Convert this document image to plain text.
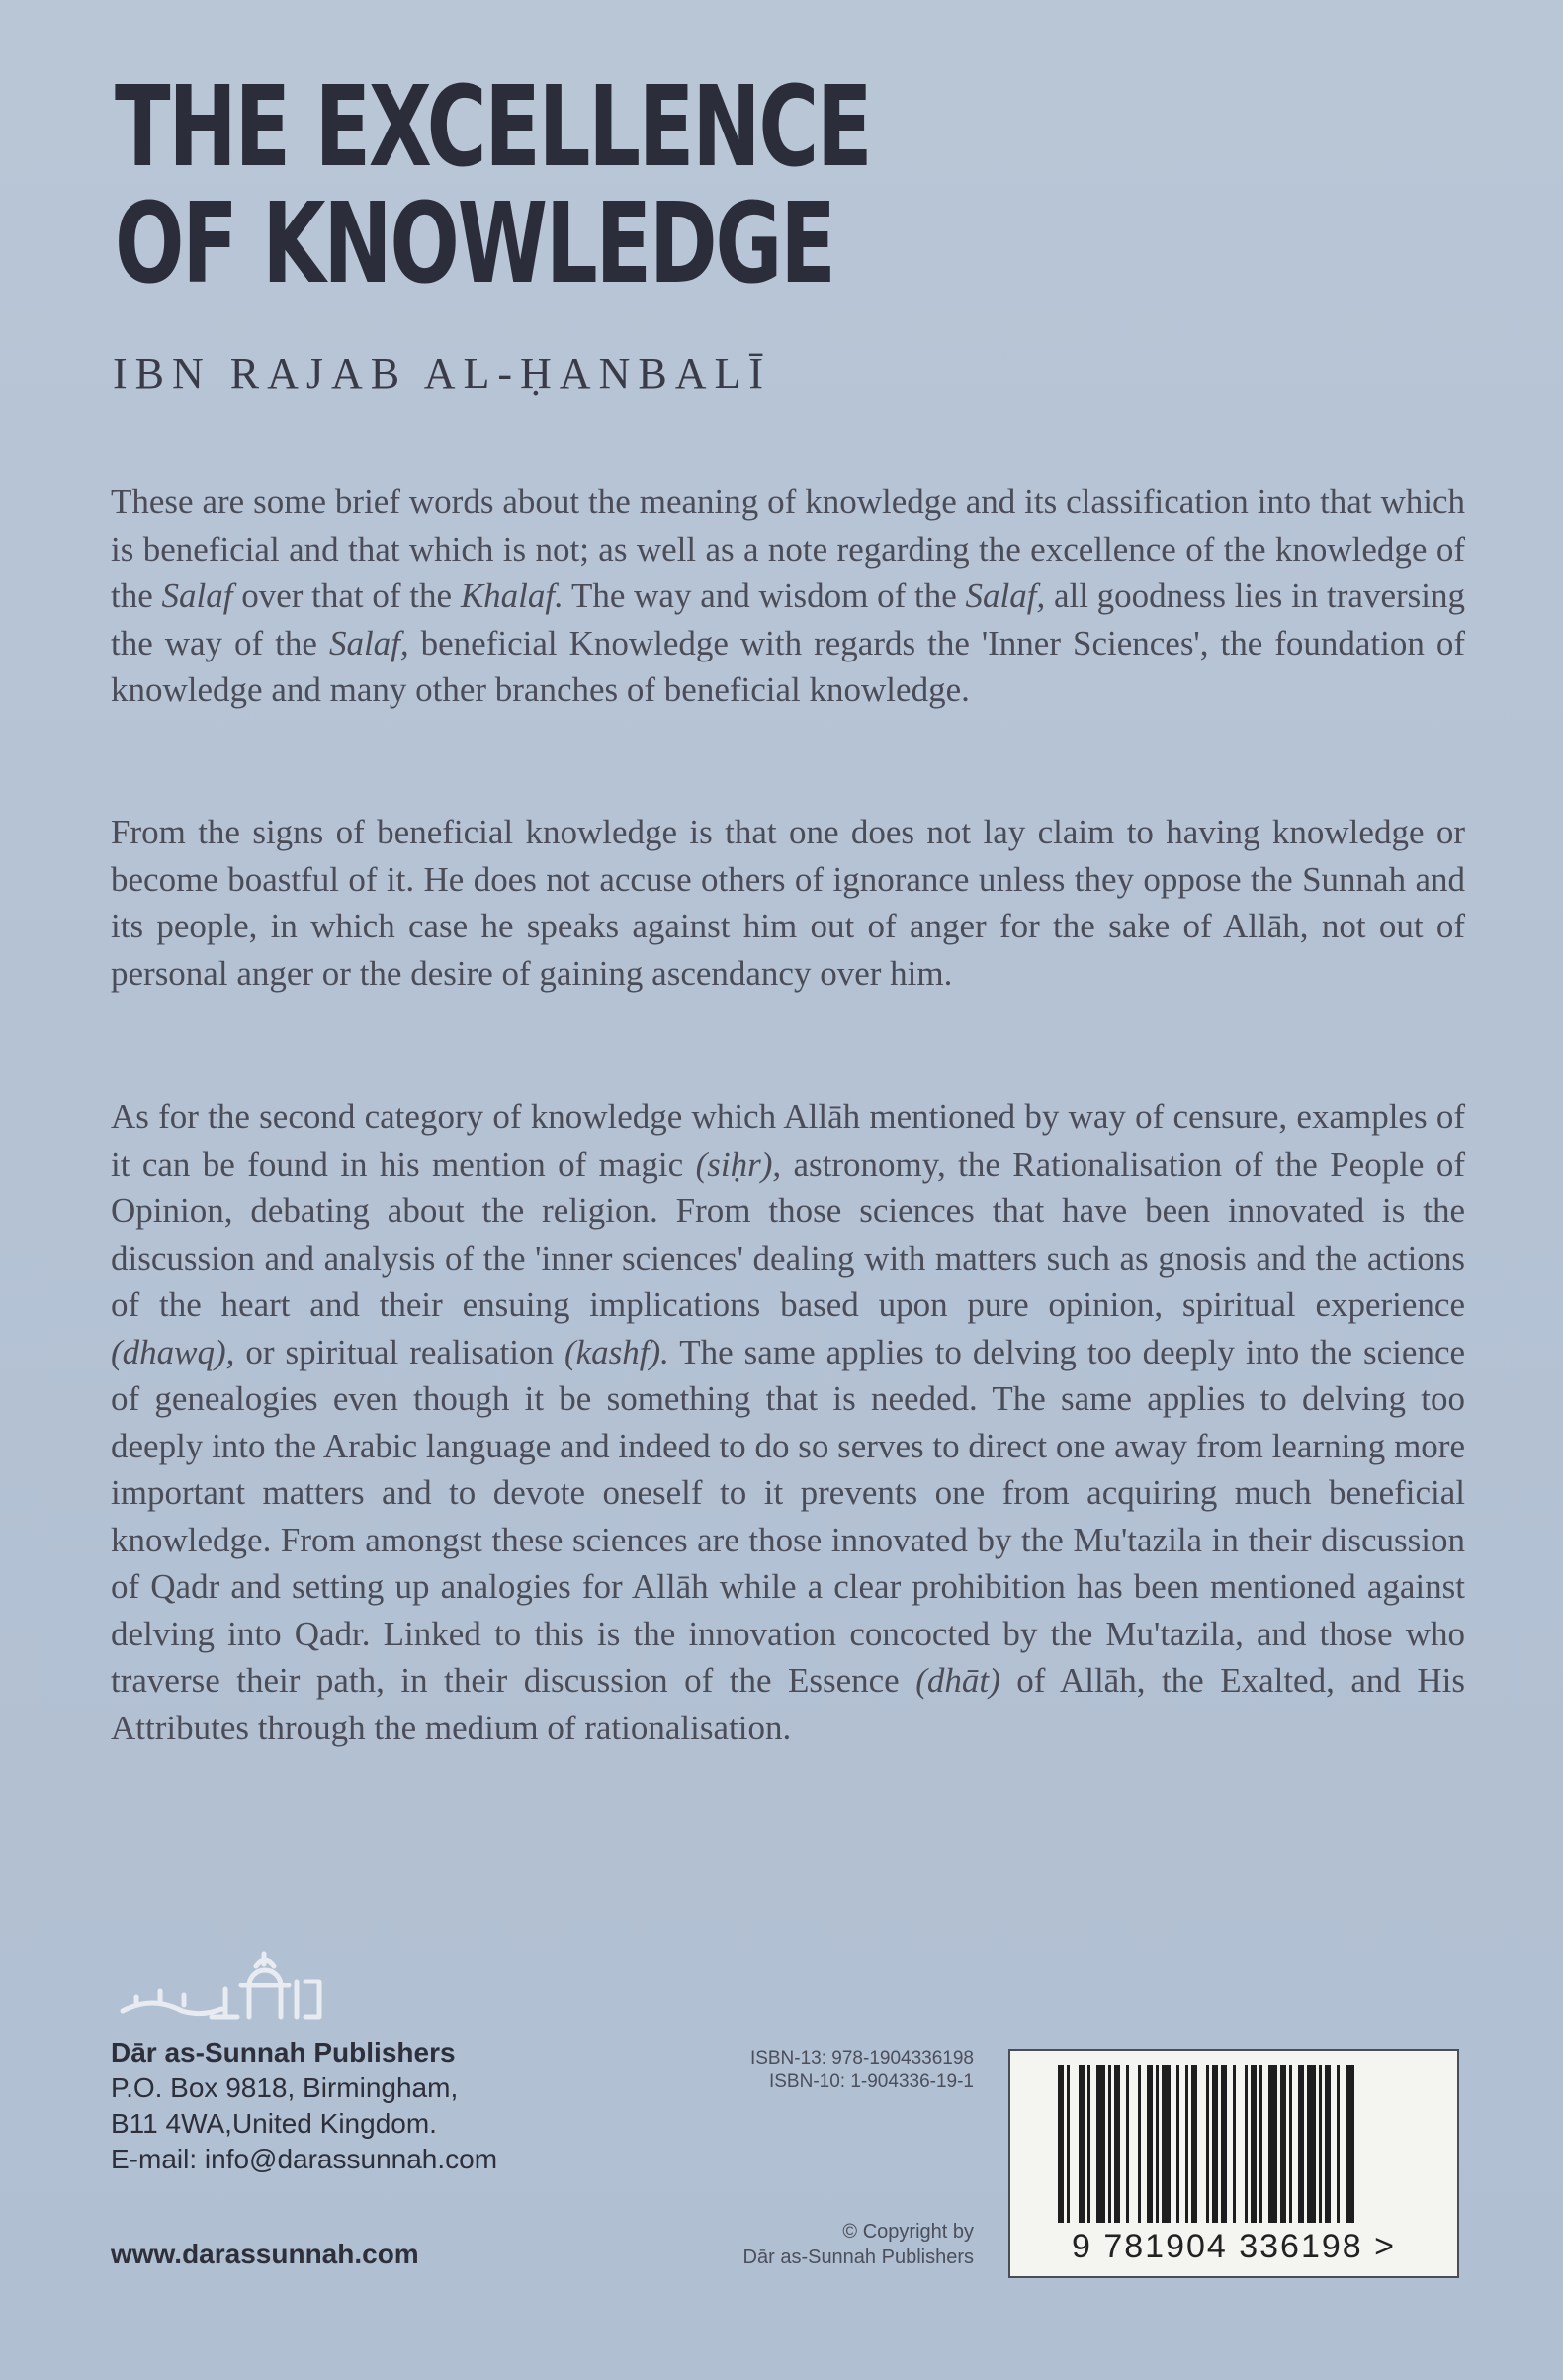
THE EXCELLENCE
OF KNOWLEDGE
IBN RAJAB AL-ḤANBALĪ

These are some brief words about the meaning of knowledge and its classification into that which is beneficial and that which is not; as well as a note regarding the excellence of the knowledge of the Salaf over that of the Khalaf. The way and wisdom of the Salaf, all goodness lies in traversing the way of the Salaf, beneficial Knowledge with regards the 'Inner Sciences', the foundation of knowledge and many other branches of beneficial knowledge.

From the signs of beneficial knowledge is that one does not lay claim to having knowledge or become boastful of it. He does not accuse others of ignorance unless they oppose the Sunnah and its people, in which case he speaks against him out of anger for the sake of Allāh, not out of personal anger or the desire of gaining ascendancy over him.

As for the second category of knowledge which Allāh mentioned by way of censure, examples of it can be found in his mention of magic (siḥr), astronomy, the Rationalisation of the People of Opinion, debating about the religion. From those sciences that have been innovated is the discussion and analysis of the 'inner sciences' dealing with matters such as gnosis and the actions of the heart and their ensuing implications based upon pure opinion, spiritual experience (dhawq), or spiritual realisation (kashf). The same applies to delving too deeply into the science of genealogies even though it be something that is needed. The same applies to delving too deeply into the Arabic language and indeed to do so serves to direct one away from learning more important matters and to devote oneself to it prevents one from acquiring much beneficial knowledge. From amongst these sciences are those innovated by the Mu'tazila in their discussion of Qadr and setting up analogies for Allāh while a clear prohibition has been mentioned against delving into Qadr. Linked to this is the innovation concocted by the Mu'tazila, and those who traverse their path, in their discussion of the Essence (dhāt) of Allāh, the Exalted, and His Attributes through the medium of rationalisation.

Dār as-Sunnah Publishers
P.O. Box 9818, Birmingham,
B11 4WA,United Kingdom.
E-mail: info@darassunnah.com
www.darassunnah.com
ISBN-13: 978-1904336198
ISBN-10: 1-904336-19-1
© Copyright by
Dār as-Sunnah Publishers	9 781904 336198 >
